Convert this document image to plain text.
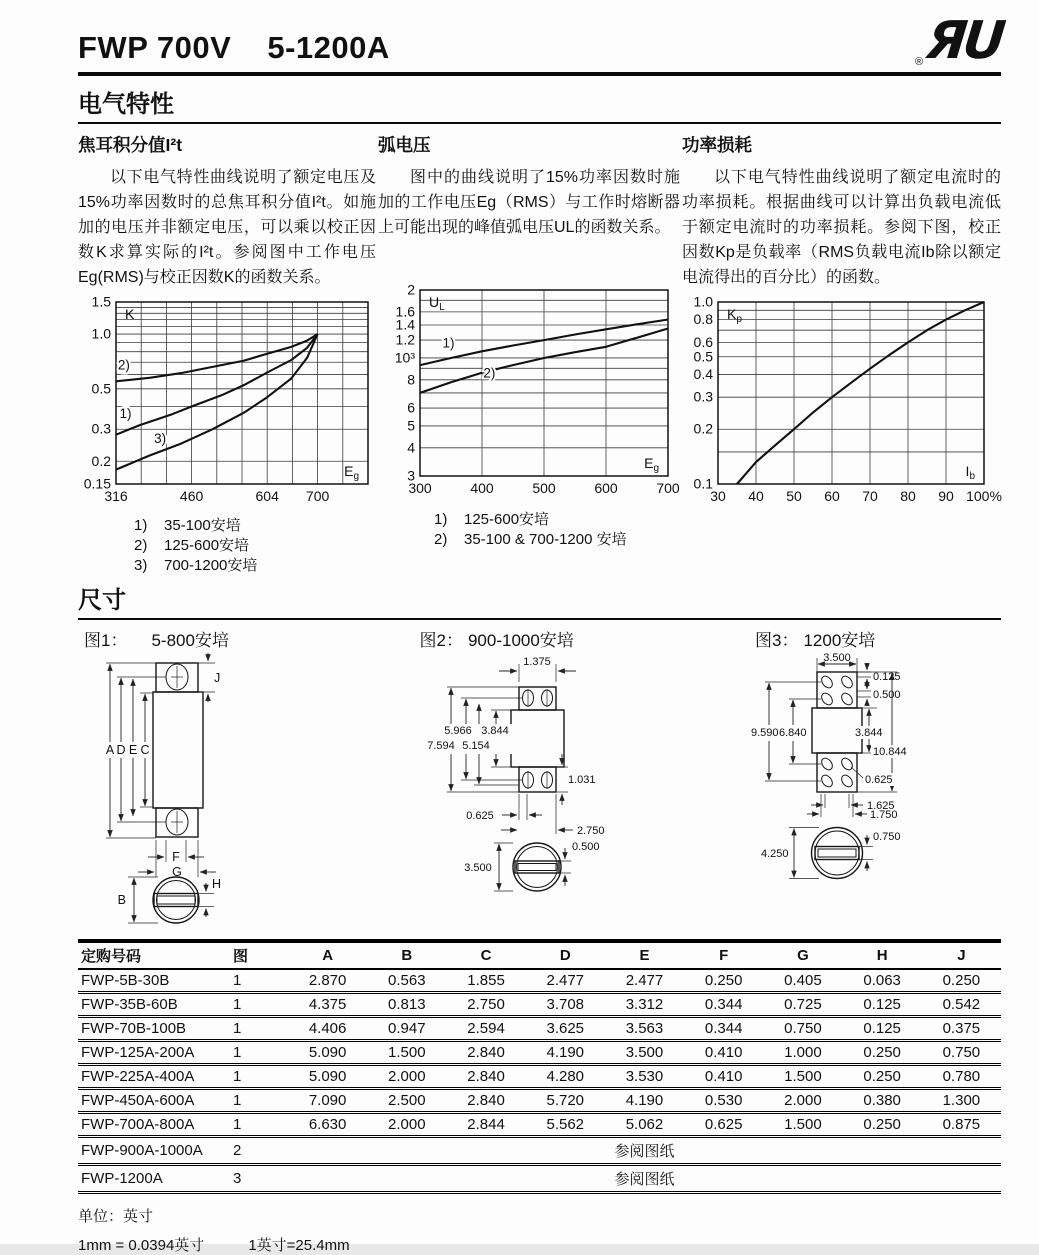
FWP 700V 5-1200A	ЯU
®
电气特性
焦耳积分值I²t

以下电气特性曲线说明了额定电压及15%功率因数时的总焦耳积分值I²t。如施加的电压并非额定电压，可以乘以校正因数K求算实际的I²t。参阅图中工作电压Eg(RMS)与校正因数K的函数关系。

316	460	604 700
1.5
1.0
0.5
0.3
0.2
0.15
K
$E_g$
1)
2)
3)
1) 35-100安培
2) 125-600安培
3) 700-1200安培
弧电压

图中的曲线说明了15%功率因数时施加的工作电压Eg（RMS）与工作时熔断器上可能出现的峰值弧电压UL的函数关系。

300	400	500	600	700
2
1.6
1.4
1.2
10³
8
6
5
4
3
$U_L$
$E_g$
1)
2)
1) 125-600安培
2) 35-100 & 700-1200 安培
功率损耗

以下电气特性曲线说明了额定电流时的功率损耗。根据曲线可以计算出负载电流低于额定电流时的功率损耗。参阅下图，校正因数Kp是负载率（RMS负载电流Ib除以额定电流得出的百分比）的函数。

30 40 50 60 70 80 90 100%
1.0
0.8
0.6
0.5
0.4
0.3
0.2
0.1
$K_p$
$I_b$
尺寸
图1： 5-800安培
A D E C
J
F
G
B
H
图2： 900-1000安培
1.375
5.966 3.844
7.594 5.154
1.031
0.625
2.750
3.500
0.500
图3： 1200安培
3.500
0.125
0.500
9.590 6.840	3.844
10.844
0.625
1.625
1.750
4.250
0.750
定购号码	图	A	B	C	D	E	F	G	H	J
FWP-5B-30B	1	2.870	0.563	1.855	2.477	2.477	0.250	0.405	0.063	0.250
FWP-35B-60B	1	4.375	0.813	2.750	3.708	3.312	0.344	0.725	0.125	0.542
FWP-70B-100B	1	4.406	0.947	2.594	3.625	3.563	0.344	0.750	0.125	0.375
FWP-125A-200A	1	5.090	1.500	2.840	4.190	3.500	0.410	1.000	0.250	0.750
FWP-225A-400A	1	5.090	2.000	2.840	4.280	3.530	0.410	1.500	0.250	0.780
FWP-450A-600A	1	7.090	2.500	2.840	5.720	4.190	0.530	2.000	0.380	1.300
FWP-700A-800A	1	6.630	2.000	2.844	5.562	5.062	0.625	1.500	0.250	0.875
FWP-900A-1000A	2	参阅图纸								
FWP-1200A	3	参阅图纸								
单位：英寸
1mm = 0.0394英寸	1英寸=25.4mm
